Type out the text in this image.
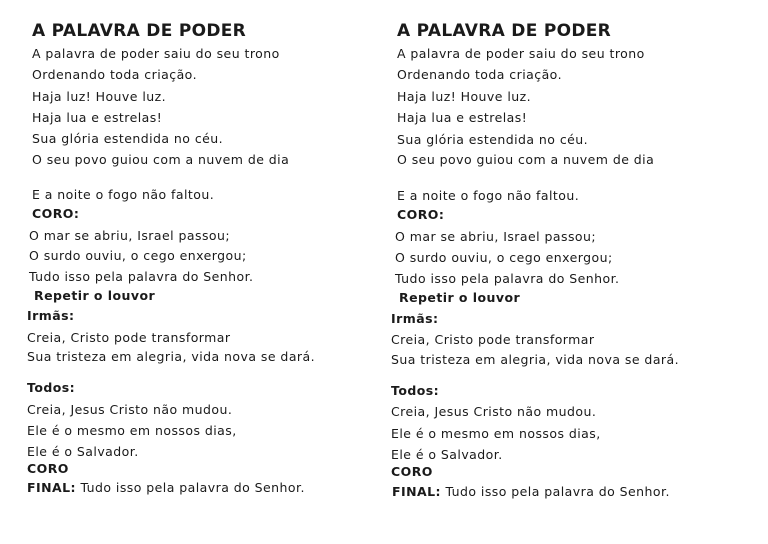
A PALAVRA DE PODER

A palavra de poder saiu do seu trono

Ordenando toda criação.

Haja luz! Houve luz.

Haja lua e estrelas!

Sua glória estendida no céu.

O seu povo guiou com a nuvem de dia

E a noite o fogo não faltou.

CORO:

O mar se abriu, Israel passou;

O surdo ouviu, o cego enxergou;

Tudo isso pela palavra do Senhor.

Repetir o louvor

Irmãs:

Creia, Cristo pode transformar

Sua tristeza em alegria, vida nova se dará.

Todos:

Creia, Jesus Cristo não mudou.

Ele é o mesmo em nossos dias,

Ele é o Salvador.

CORO

FINAL: Tudo isso pela palavra do Senhor.

A PALAVRA DE PODER

A palavra de poder saiu do seu trono

Ordenando toda criação.

Haja luz! Houve luz.

Haja lua e estrelas!

Sua glória estendida no céu.

O seu povo guiou com a nuvem de dia

E a noite o fogo não faltou.

CORO:

O mar se abriu, Israel passou;

O surdo ouviu, o cego enxergou;

Tudo isso pela palavra do Senhor.

Repetir o louvor

Irmãs:

Creia, Cristo pode transformar

Sua tristeza em alegria, vida nova se dará.

Todos:

Creia, Jesus Cristo não mudou.

Ele é o mesmo em nossos dias,

Ele é o Salvador.

CORO

FINAL: Tudo isso pela palavra do Senhor.
